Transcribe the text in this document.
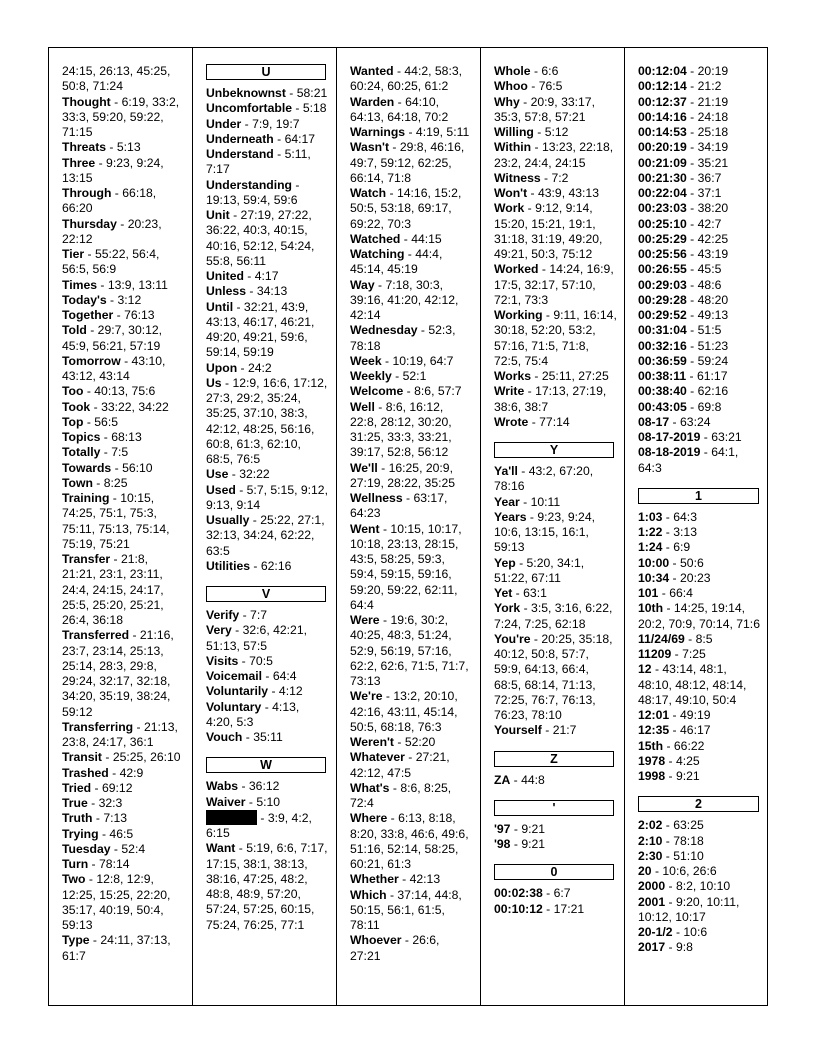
24:15, 26:13, 45:25, 50:8, 71:24

Thought - 6:19, 33:2, 33:3, 59:20, 59:22, 71:15

Threats - 5:13

Three - 9:23, 9:24, 13:15

Through - 66:18, 66:20

Thursday - 20:23, 22:12

Tier - 55:22, 56:4, 56:5, 56:9

Times - 13:9, 13:11

Today's - 3:12

Together - 76:13

Told - 29:7, 30:12, 45:9, 56:21, 57:19

Tomorrow - 43:10, 43:12, 43:14

Too - 40:13, 75:6

Took - 33:22, 34:22

Top - 56:5

Topics - 68:13

Totally - 7:5

Towards - 56:10

Town - 8:25

Training - 10:15, 74:25, 75:1, 75:3, 75:11, 75:13, 75:14, 75:19, 75:21

Transfer - 21:8, 21:21, 23:1, 23:11, 24:4, 24:15, 24:17, 25:5, 25:20, 25:21, 26:4, 36:18

Transferred - 21:16, 23:7, 23:14, 25:13, 25:14, 28:3, 29:8, 29:24, 32:17, 32:18, 34:20, 35:19, 38:24, 59:12

Transferring - 21:13, 23:8, 24:17, 36:1

Transit - 25:25, 26:10

Trashed - 42:9

Tried - 69:12

True - 32:3

Truth - 7:13

Trying - 46:5

Tuesday - 52:4

Turn - 78:14

Two - 12:8, 12:9, 12:25, 15:25, 22:20, 35:17, 40:19, 50:4, 59:13

Type - 24:11, 37:13, 61:7

U

Unbeknownst - 58:21

Uncomfortable - 5:18

Under - 7:9, 19:7

Underneath - 64:17

Understand - 5:11, 7:17

Understanding - 19:13, 59:4, 59:6

Unit - 27:19, 27:22, 36:22, 40:3, 40:15, 40:16, 52:12, 54:24, 55:8, 56:11

United - 4:17

Unless - 34:13

Until - 32:21, 43:9, 43:13, 46:17, 46:21, 49:20, 49:21, 59:6, 59:14, 59:19

Upon - 24:2

Us - 12:9, 16:6, 17:12, 27:3, 29:2, 35:24, 35:25, 37:10, 38:3, 42:12, 48:25, 56:16, 60:8, 61:3, 62:10, 68:5, 76:5

Use - 32:22

Used - 5:7, 5:15, 9:12, 9:13, 9:14

Usually - 25:22, 27:1, 32:13, 34:24, 62:22, 63:5

Utilities - 62:16

V

Verify - 7:7

Very - 32:6, 42:21, 51:13, 57:5

Visits - 70:5

Voicemail - 64:4

Voluntarily - 4:12

Voluntary - 4:13, 4:20, 5:3

Vouch - 35:11

W

Wabs - 36:12

Waiver - 5:10

- 3:9, 4:2, 6:15

Want - 5:19, 6:6, 7:17, 17:15, 38:1, 38:13, 38:16, 47:25, 48:2, 48:8, 48:9, 57:20, 57:24, 57:25, 60:15, 75:24, 76:25, 77:1

Wanted - 44:2, 58:3, 60:24, 60:25, 61:2

Warden - 64:10, 64:13, 64:18, 70:2

Warnings - 4:19, 5:11

Wasn't - 29:8, 46:16, 49:7, 59:12, 62:25, 66:14, 71:8

Watch - 14:16, 15:2, 50:5, 53:18, 69:17, 69:22, 70:3

Watched - 44:15

Watching - 44:4, 45:14, 45:19

Way - 7:18, 30:3, 39:16, 41:20, 42:12, 42:14

Wednesday - 52:3, 78:18

Week - 10:19, 64:7

Weekly - 52:1

Welcome - 8:6, 57:7

Well - 8:6, 16:12, 22:8, 28:12, 30:20, 31:25, 33:3, 33:21, 39:17, 52:8, 56:12

We'll - 16:25, 20:9, 27:19, 28:22, 35:25

Wellness - 63:17, 64:23

Went - 10:15, 10:17, 10:18, 23:13, 28:15, 43:5, 58:25, 59:3, 59:4, 59:15, 59:16, 59:20, 59:22, 62:11, 64:4

Were - 19:6, 30:2, 40:25, 48:3, 51:24, 52:9, 56:19, 57:16, 62:2, 62:6, 71:5, 71:7, 73:13

We're - 13:2, 20:10, 42:16, 43:11, 45:14, 50:5, 68:18, 76:3

Weren't - 52:20

Whatever - 27:21, 42:12, 47:5

What's - 8:6, 8:25, 72:4

Where - 6:13, 8:18, 8:20, 33:8, 46:6, 49:6, 51:16, 52:14, 58:25, 60:21, 61:3

Whether - 42:13

Which - 37:14, 44:8, 50:15, 56:1, 61:5, 78:11

Whoever - 26:6, 27:21

Whole - 6:6

Whoo - 76:5

Why - 20:9, 33:17, 35:3, 57:8, 57:21

Willing - 5:12

Within - 13:23, 22:18, 23:2, 24:4, 24:15

Witness - 7:2

Won't - 43:9, 43:13

Work - 9:12, 9:14, 15:20, 15:21, 19:1, 31:18, 31:19, 49:20, 49:21, 50:3, 75:12

Worked - 14:24, 16:9, 17:5, 32:17, 57:10, 72:1, 73:3

Working - 9:11, 16:14, 30:18, 52:20, 53:2, 57:16, 71:5, 71:8, 72:5, 75:4

Works - 25:11, 27:25

Write - 17:13, 27:19, 38:6, 38:7

Wrote - 77:14

Y

Ya'll - 43:2, 67:20, 78:16

Year - 10:11

Years - 9:23, 9:24, 10:6, 13:15, 16:1, 59:13

Yep - 5:20, 34:1, 51:22, 67:11

Yet - 63:1

York - 3:5, 3:16, 6:22, 7:24, 7:25, 62:18

You're - 20:25, 35:18, 40:12, 50:8, 57:7, 59:9, 64:13, 66:4, 68:5, 68:14, 71:13, 72:25, 76:7, 76:13, 76:23, 78:10

Yourself - 21:7

Z

ZA - 44:8

'

'97 - 9:21

'98 - 9:21

0

00:02:38 - 6:7

00:10:12 - 17:21

00:12:04 - 20:19

00:12:14 - 21:2

00:12:37 - 21:19

00:14:16 - 24:18

00:14:53 - 25:18

00:20:19 - 34:19

00:21:09 - 35:21

00:21:30 - 36:7

00:22:04 - 37:1

00:23:03 - 38:20

00:25:10 - 42:7

00:25:29 - 42:25

00:25:56 - 43:19

00:26:55 - 45:5

00:29:03 - 48:6

00:29:28 - 48:20

00:29:52 - 49:13

00:31:04 - 51:5

00:32:16 - 51:23

00:36:59 - 59:24

00:38:11 - 61:17

00:38:40 - 62:16

00:43:05 - 69:8

08-17 - 63:24

08-17-2019 - 63:21

08-18-2019 - 64:1, 64:3

1

1:03 - 64:3

1:22 - 3:13

1:24 - 6:9

10:00 - 50:6

10:34 - 20:23

101 - 66:4

10th - 14:25, 19:14, 20:2, 70:9, 70:14, 71:6

11/24/69 - 8:5

11209 - 7:25

12 - 43:14, 48:1, 48:10, 48:12, 48:14, 48:17, 49:10, 50:4

12:01 - 49:19

12:35 - 46:17

15th - 66:22

1978 - 4:25

1998 - 9:21

2

2:02 - 63:25

2:10 - 78:18

2:30 - 51:10

20 - 10:6, 26:6

2000 - 8:2, 10:10

2001 - 9:20, 10:11, 10:12, 10:17

20-1/2 - 10:6

2017 - 9:8
